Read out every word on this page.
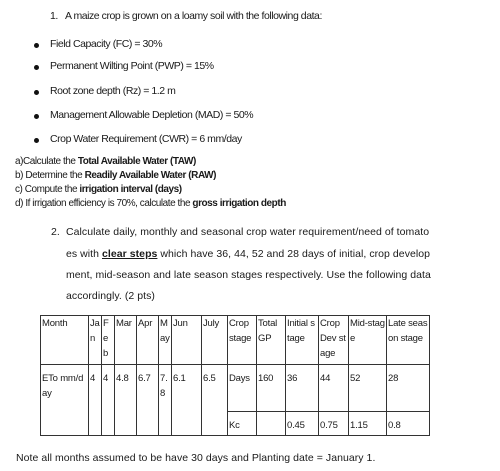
1. A maize crop is grown on a loamy soil with the following data:
Field Capacity (FC) = 30%
Permanent Wilting Point (PWP) = 15%
Root zone depth (Rz) = 1.2 m
Management Allowable Depletion (MAD) = 50%
Crop Water Requirement (CWR) = 6 mm/day
a)Calculate the Total Available Water (TAW)
b) Determine the Readily Available Water (RAW)
c) Compute the irrigation interval (days)
d) If irrigation efficiency is 70%, calculate the gross irrigation depth
2. Calculate daily, monthly and seasonal crop water requirement/need of tomato
es with clear steps which have 36, 44, 52 and 28 days of initial, crop develop
ment, mid-season and late season stages respectively. Use the following data
accordingly. (2 pts)
Month	Jan	Feb	Mar	Apr	May	Jun	July	Crop stage	Total GP	Initial stage	Crop Dev stage	Mid-stage	Late season stage
ETo mm/day	4	4	4.8	6.7	7.8	6.1	6.5	Days	160	36	44	52	28
								Kc		0.45	0.75	1.15	0.8
Note all months assumed to be have 30 days and Planting date = January 1.
